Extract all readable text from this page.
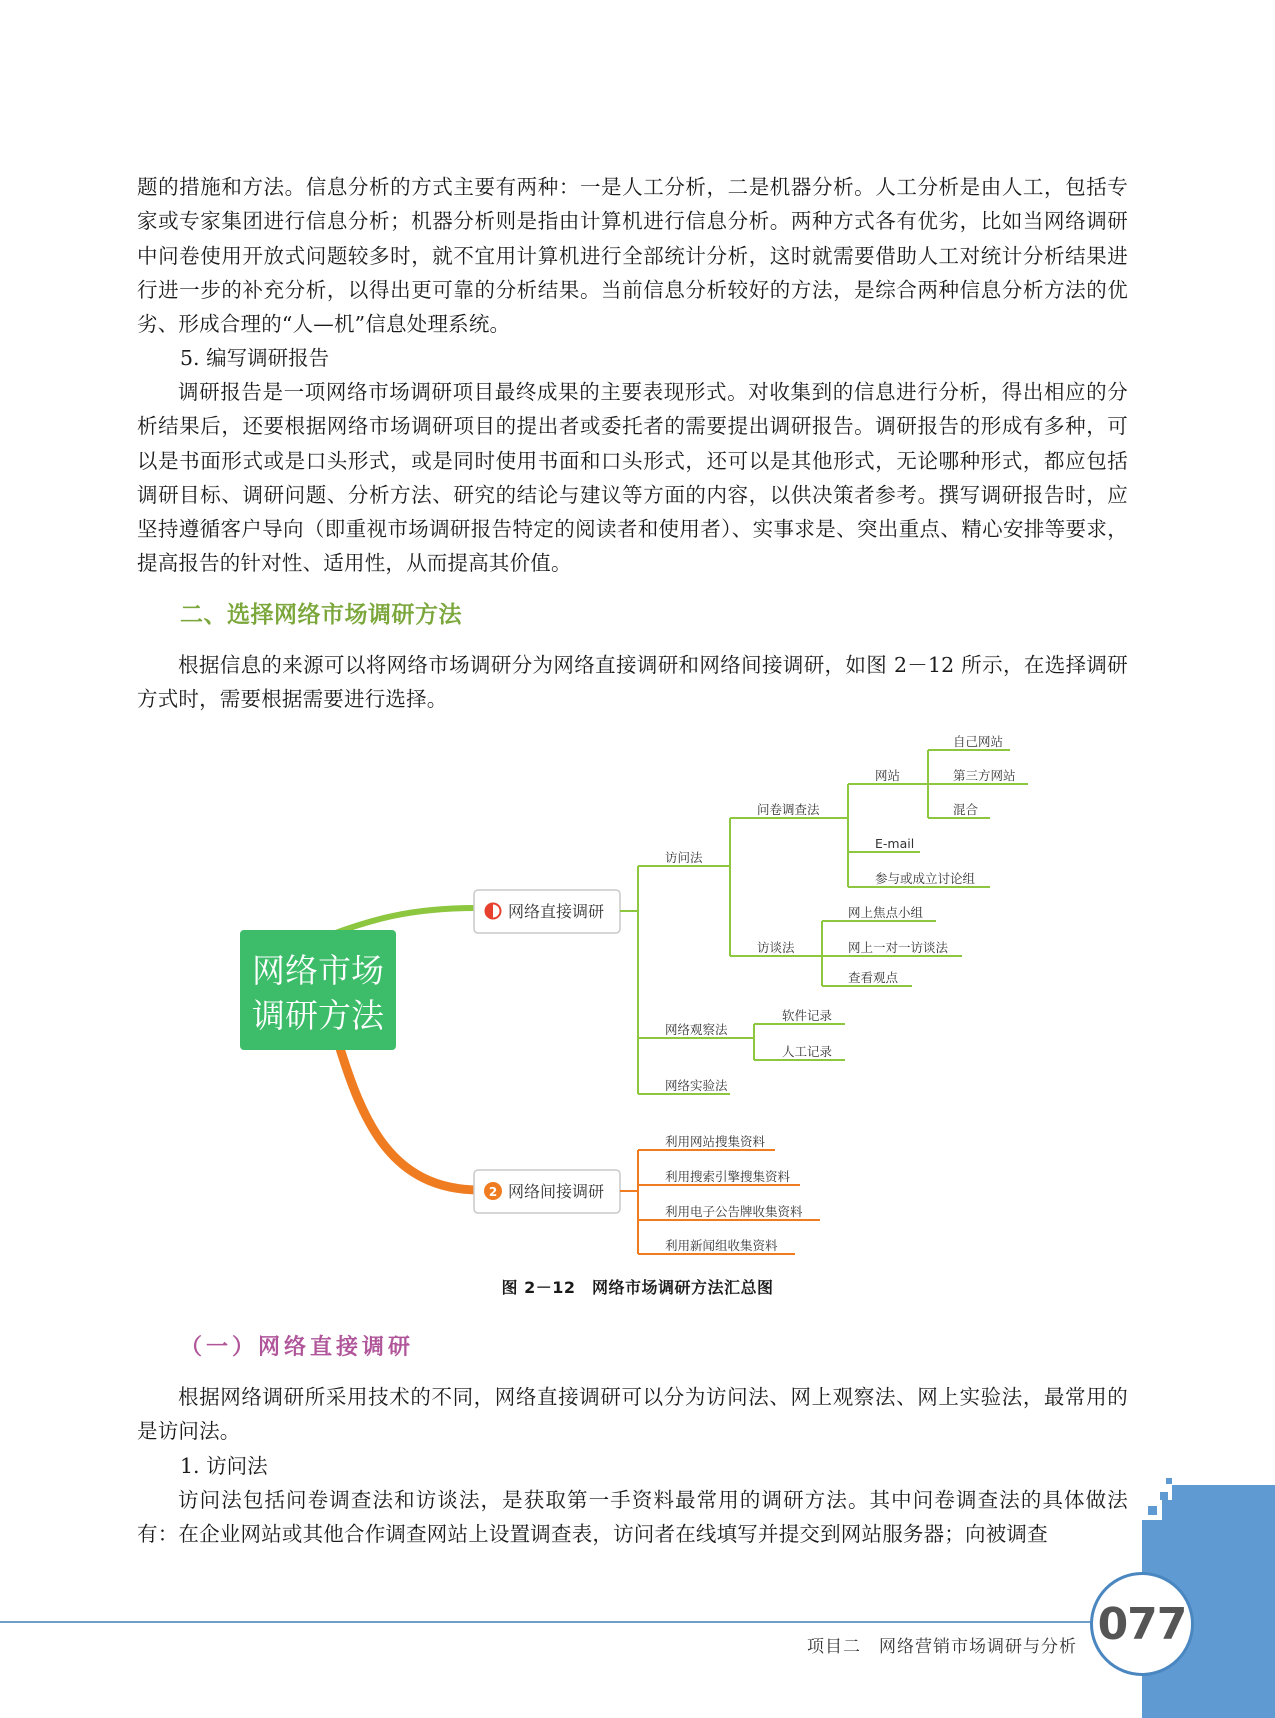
题的措施和方法。信息分析的方式主要有两种：一是人工分析，二是机器分析。人工分析是由人工，包括专家或专家集团进行信息分析；机器分析则是指由计算机进行信息分析。两种方式各有优劣，比如当网络调研中问卷使用开放式问题较多时，就不宜用计算机进行全部统计分析，这时就需要借助人工对统计分析结果进行进一步的补充分析，以得出更可靠的分析结果。当前信息分析较好的方法，是综合两种信息分析方法的优劣、形成合理的“人—机”信息处理系统。

5. 编写调研报告

调研报告是一项网络市场调研项目最终成果的主要表现形式。对收集到的信息进行分析，得出相应的分析结果后，还要根据网络市场调研项目的提出者或委托者的需要提出调研报告。调研报告的形成有多种，可以是书面形式或是口头形式，或是同时使用书面和口头形式，还可以是其他形式，无论哪种形式，都应包括调研目标、调研问题、分析方法、研究的结论与建议等方面的内容，以供决策者参考。撰写调研报告时，应坚持遵循客户导向（即重视市场调研报告特定的阅读者和使用者）、实事求是、突出重点、精心安排等要求，提高报告的针对性、适用性，从而提高其价值。

二、选择网络市场调研方法

根据信息的来源可以将网络市场调研分为网络直接调研和网络间接调研，如图 2－12 所示，在选择调研方式时，需要根据需要进行选择。

网络市场
调研方法
网络直接调研
2 网络间接调研
访问法
问卷调查法
网站
自己网站
第三方网站
混合
E-mail
参与或成立讨论组
访谈法
网上焦点小组
网上一对一访谈法
查看观点
网络观察法
软件记录
人工记录
网络实验法
利用网站搜集资料
利用搜索引擎搜集资料
利用电子公告牌收集资料
利用新闻组收集资料

图 2－12　网络市场调研方法汇总图

（一）网络直接调研

根据网络调研所采用技术的不同，网络直接调研可以分为访问法、网上观察法、网上实验法，最常用的是访问法。

1. 访问法

访问法包括问卷调查法和访谈法，是获取第一手资料最常用的调研方法。其中问卷调查法的具体做法有：在企业网站或其他合作调查网站上设置调查表，访问者在线填写并提交到网站服务器；向被调查

项目二　网络营销市场调研与分析 077
